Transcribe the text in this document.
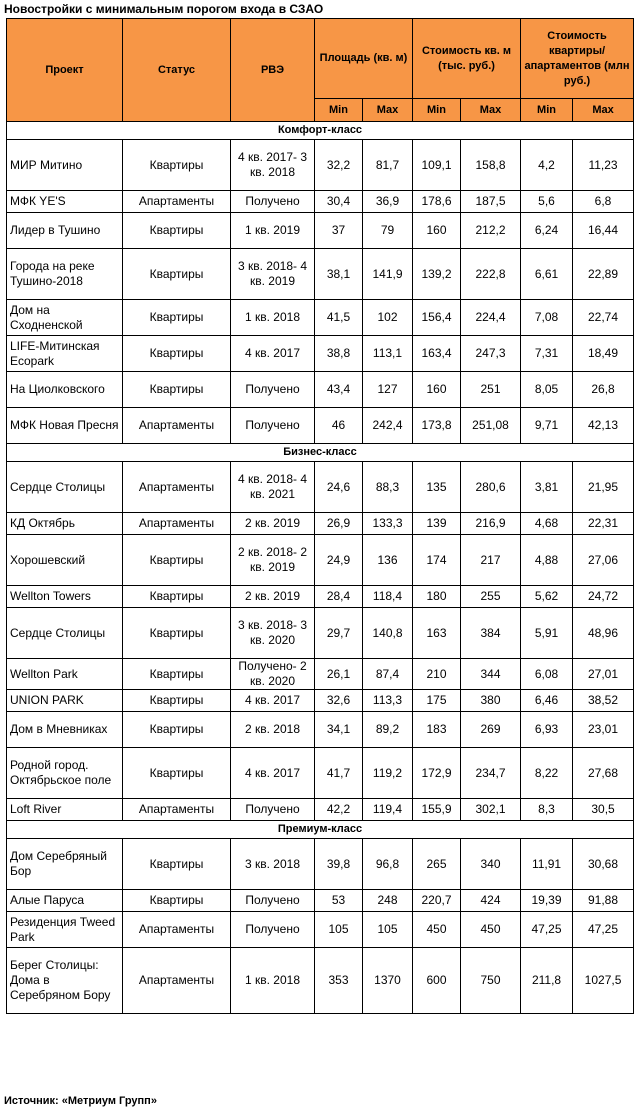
Новостройки с минимальным порогом входа в СЗАО
Проект	Статус	РВЭ	Площадь (кв. м)		Стоимость кв. м (тыс. руб.)		Стоимость квартиры/ апартаментов (млн руб.)	
			Min	Max	Min	Max	Min	Max
Комфорт-класс								
МИР Митино	Квартиры	4 кв. 2017- 3 кв. 2018	32,2	81,7	109,1	158,8	4,2	11,23
МФК YE'S	Апартаменты	Получено	30,4	36,9	178,6	187,5	5,6	6,8
Лидер в Тушино	Квартиры	1 кв. 2019	37	79	160	212,2	6,24	16,44
Города на реке Тушино-2018	Квартиры	3 кв. 2018- 4 кв. 2019	38,1	141,9	139,2	222,8	6,61	22,89
Дом на Сходненской	Квартиры	1 кв. 2018	41,5	102	156,4	224,4	7,08	22,74
LIFE-Митинская Ecopark	Квартиры	4 кв. 2017	38,8	113,1	163,4	247,3	7,31	18,49
На Циолковского	Квартиры	Получено	43,4	127	160	251	8,05	26,8
МФК Новая Пресня	Апартаменты	Получено	46	242,4	173,8	251,08	9,71	42,13
Бизнес-класс								
Сердце Столицы	Апартаменты	4 кв. 2018- 4 кв. 2021	24,6	88,3	135	280,6	3,81	21,95
КД Октябрь	Апартаменты	2 кв. 2019	26,9	133,3	139	216,9	4,68	22,31
Хорошевский	Квартиры	2 кв. 2018- 2 кв. 2019	24,9	136	174	217	4,88	27,06
Wellton Towers	Квартиры	2 кв. 2019	28,4	118,4	180	255	5,62	24,72
Сердце Столицы	Квартиры	3 кв. 2018- 3 кв. 2020	29,7	140,8	163	384	5,91	48,96
Wellton Park	Квартиры	Получено- 2 кв. 2020	26,1	87,4	210	344	6,08	27,01
UNION PARK	Квартиры	4 кв. 2017	32,6	113,3	175	380	6,46	38,52
Дом в Мневниках	Квартиры	2 кв. 2018	34,1	89,2	183	269	6,93	23,01
Родной город. Октябрьское поле	Квартиры	4 кв. 2017	41,7	119,2	172,9	234,7	8,22	27,68
Loft River	Апартаменты	Получено	42,2	119,4	155,9	302,1	8,3	30,5
Премиум-класс								
Дом Серебряный Бор	Квартиры	3 кв. 2018	39,8	96,8	265	340	11,91	30,68
Алые Паруса	Квартиры	Получено	53	248	220,7	424	19,39	91,88
Резиденция Tweed Park	Апартаменты	Получено	105	105	450	450	47,25	47,25
Берег Столицы: Дома в Серебряном Бору	Апартаменты	1 кв. 2018	353	1370	600	750	211,8	1027,5
Источник: «Метриум Групп»
